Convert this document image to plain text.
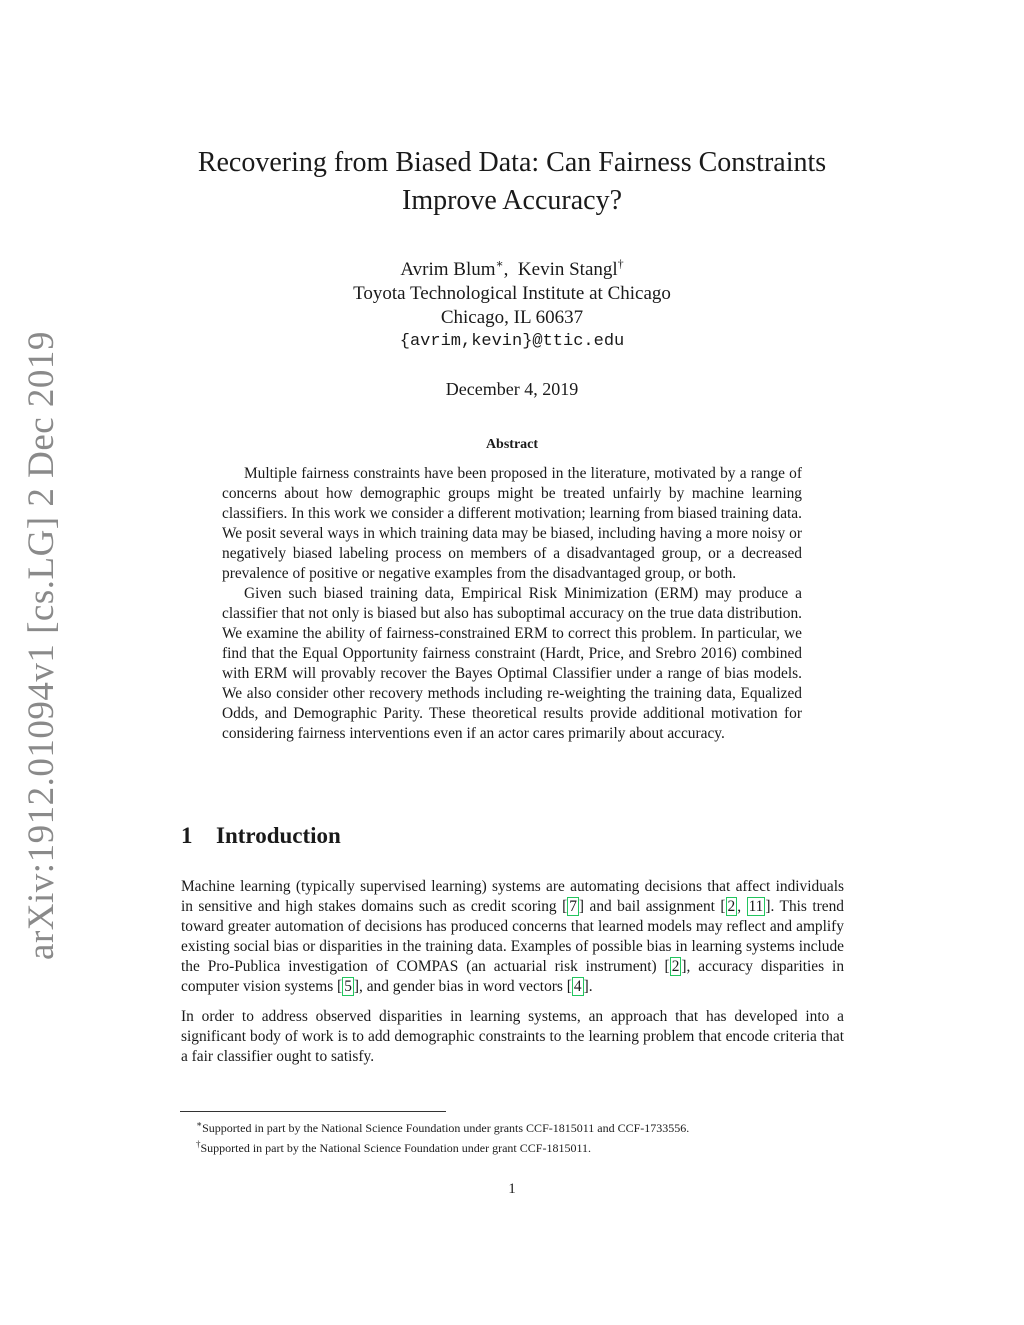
arXiv:1912.01094v1 [cs.LG] 2 Dec 2019
Recovering from Biased Data: Can Fairness Constraints
Improve Accuracy?
Avrim Blum∗,  Kevin Stangl†
Toyota Technological Institute at Chicago
Chicago, IL 60637
{avrim,kevin}@ttic.edu
December 4, 2019
Abstract

Multiple fairness constraints have been proposed in the literature, motivated by a range of concerns about how demographic groups might be treated unfairly by machine learning classifiers. In this work we consider a different motivation; learning from biased training data. We posit several ways in which training data may be biased, including having a more noisy or negatively biased labeling process on members of a disadvantaged group, or a decreased prevalence of positive or negative examples from the disadvantaged group, or both.

Given such biased training data, Empirical Risk Minimization (ERM) may produce a classifier that not only is biased but also has suboptimal accuracy on the true data distribution. We examine the ability of fairness-constrained ERM to correct this problem. In particular, we find that the Equal Opportunity fairness constraint (Hardt, Price, and Srebro 2016) combined with ERM will provably recover the Bayes Optimal Classifier under a range of bias models. We also consider other recovery methods including re-weighting the training data, Equalized Odds, and Demographic Parity. These theoretical results provide additional motivation for considering fairness interventions even if an actor cares primarily about accuracy.

1 Introduction

Machine learning (typically supervised learning) systems are automating decisions that affect individuals in sensitive and high stakes domains such as credit scoring [ 7 ] and bail assignment [ 2 , 11 ]. This trend toward greater automation of decisions has produced concerns that learned models may reflect and amplify existing social bias or disparities in the training data. Examples of possible bias in learning systems include the Pro-Publica investigation of COMPAS (an actuarial risk instrument) [ 2 ], accuracy disparities in computer vision systems [ 5 ], and gender bias in word vectors [ 4 ].

In order to address observed disparities in learning systems, an approach that has developed into a significant body of work is to add demographic constraints to the learning problem that encode criteria that a fair classifier ought to satisfy.

∗Supported in part by the National Science Foundation under grants CCF-1815011 and CCF-1733556.
†Supported in part by the National Science Foundation under grant CCF-1815011.
1
